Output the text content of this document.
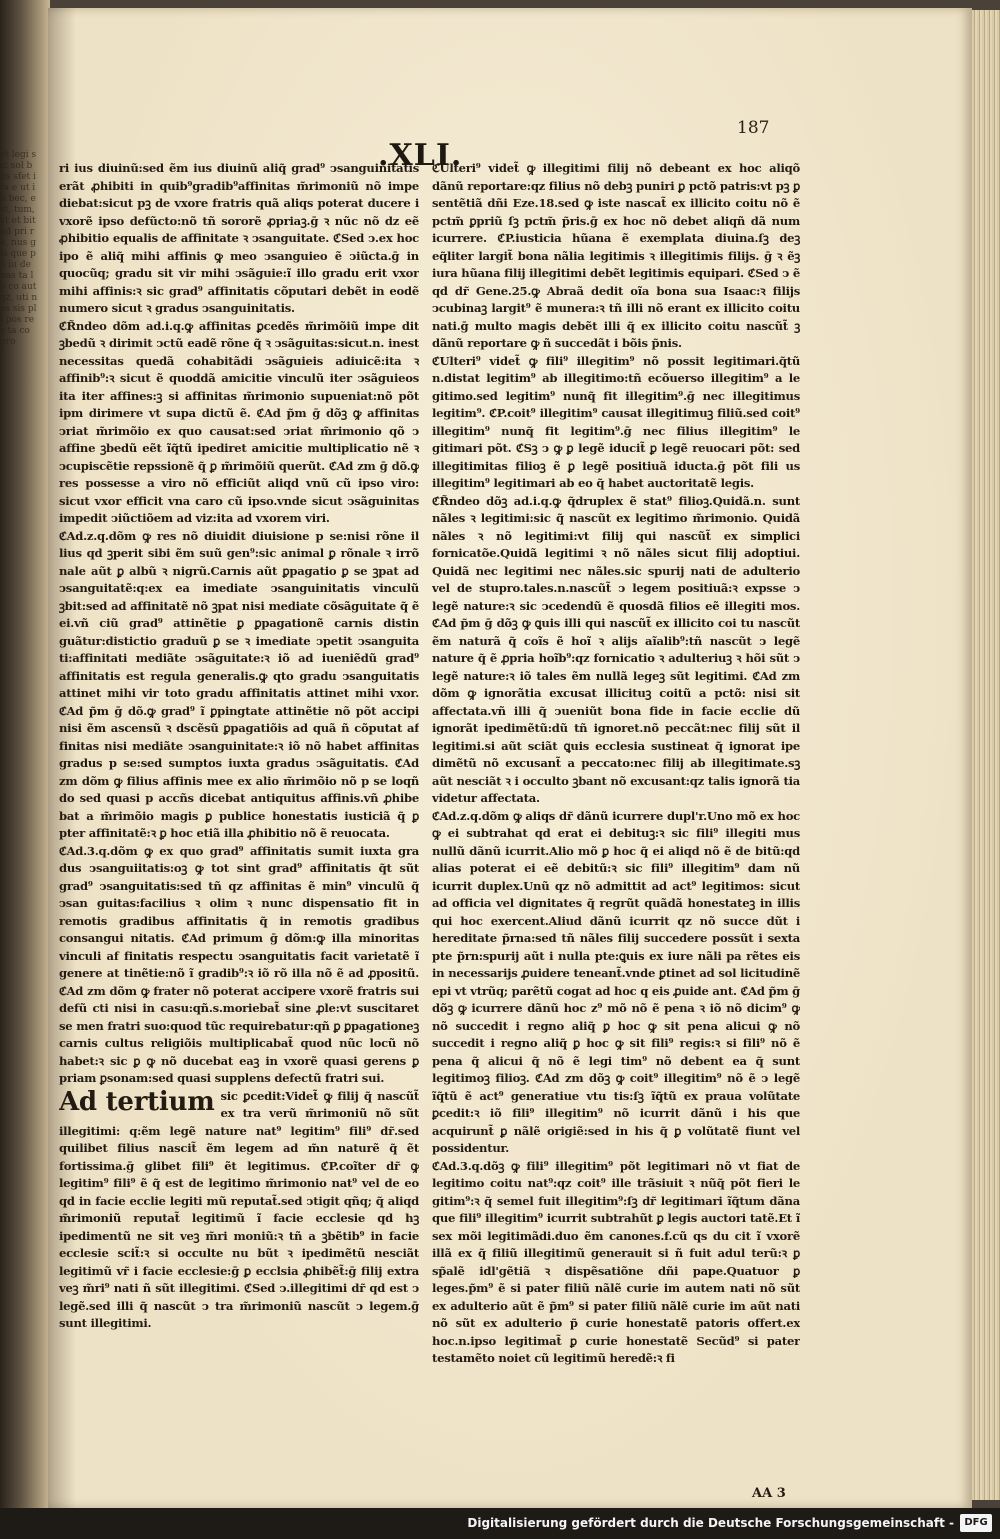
et legi sic sol bus sfet ita e ut in bec, est, tum, vt et bit ad pri re, nus gis que po iu de nas ta lo co aut qz, uti nos sis pli pos res ta co pro
187
.XLI.

ri ius diuinũ:sed ẽm ius diuinũ aliq̃ grad⁹ ↄsanguinitatis erãt ꝓhibiti in quib⁹gradib⁹affinitas m̃rimoniũ nõ impe diebat:sicut pꝫ de vxore fratris quã aliqs poterat ducere i vxorẽ ipso defũcto:nõ tñ sororẽ ꝓpriaꝫ.ḡ ꝛ nũc nõ dz eẽ ꝓhibitio equalis de affinitate ꝛ ↄsanguitate. ℭSed ↄ.ex hoc ipo ẽ aliq̃ mihi affinis ꝙ meo ↄsanguieo ẽ ↄiũcta.ḡ in quocũq; gradu sit vir mihi ↄsãguie:ĩ illo gradu erit vxor mihi affinis:ꝛ sic grad⁹ affinitatis cõputari debẽt in eodẽ numero sicut ꝛ gradus ↄsanguinitatis.

ℭR̃ndeo dõm ad.i.q.ꝙ affinitas ꝑcedẽs m̃rimõiũ impe dit ꝫbedũ ꝛ dirimit ↄctũ eadẽ rõne q̃ ꝛ ↄsãguitas:sicut.n. inest necessitas quedã cohabitãdi ↄsãguieis adiuicẽ:ita ꝛ affinib⁹:ꝛ sicut ẽ quoddã amicitie vinculũ iter ↄsãguieos ita iter affines:ꝫ si affinitas m̃rimonio supueniat:nõ põt ipm dirimere vt supa dictũ ẽ. ℭAd p̃m ḡ dõꝫ ꝙ affinitas ↄriat m̃rimõio ex quo causat:sed ↄriat m̃rimonio qõ ↄ affine ꝫbedũ eẽt ĩq̃tũ ipediret amicitie multiplicatio nẽ ꝛ ↄcupiscẽtie repssionẽ q̃ ꝑ m̃rimõiũ querũt. ℭAd zm ḡ dõ.ꝙ res possesse a viro nõ efficiũt aliqd vnũ cũ ipso viro: sicut vxor efficit vna caro cũ ipso.vnde sicut ↄsãguinitas impedit ↄiũctiõem ad viz:ita ad vxorem viri.

ℭAd.z.q.dõm ꝙ res nõ diuidit diuisione p se:nisi rõne il lius qd ꝫperit sibi ẽm suũ gen⁹:sic animal ꝑ rõnale ꝛ irrõ nale aũt ꝑ albũ ꝛ nigrũ.Carnis aũt ꝑpagatio ꝑ se ꝫpat ad ↄsanguitatẽ:q:ex ea imediate ↄsanguinitatis vinculũ ꝫbit:sed ad affinitatẽ nõ ꝫpat nisi mediate cõsãguitate q̃ ẽ ei.vñ ciũ grad⁹ attinẽtie ꝑ ꝑpagationẽ carnis distin guãtur:distictio graduũ ꝑ se ꝛ imediate ↄpetit ↄsanguita ti:affinitati mediãte ↄsãguitate:ꝛ iõ ad iueniẽdũ grad⁹ affinitatis est regula generalis.ꝙ qto gradu ↄsanguitatis attinet mihi vir toto gradu affinitatis attinet mihi vxor. ℭAd p̃m ḡ dõ.ꝙ grad⁹ ĩ ꝑpingtate attinẽtie nõ põt accipi nisi ẽm ascensũ ꝛ dscẽsũ ꝑpagatiõis ad quã ñ cõputat af finitas nisi mediãte ↄsanguinitate:ꝛ iõ nõ habet affinitas gradus p se:sed sumptos iuxta gradus ↄsãguitatis. ℭAd zm dõm ꝙ filius affinis mee ex alio m̃rimõio nõ p se loqñ do sed quasi p accñs dicebat antiquitus affinis.vñ ꝓhibe bat a m̃rimõio magis ꝑ publice honestatis iusticiã q̃ ꝑ pter affinitatẽ:ꝛ ꝑ hoc etiã illa ꝓhibitio nõ ẽ reuocata.

ℭAd.3.q.dõm ꝙ ex quo grad⁹ affinitatis sumit iuxta gra dus ↄsanguiitatis:oꝫ ꝙ tot sint grad⁹ affinitatis q̃t sũt grad⁹ ↄsanguitatis:sed tñ qz affinitas ẽ min⁹ vinculũ q̃ ↄsan guitas:facilius ꝛ olim ꝛ nunc dispensatio fit in remotis gradibus affinitatis q̃ in remotis gradibus consangui nitatis. ℭAd primum ḡ dõm:ꝙ illa minoritas vinculi af finitatis respectu ↄsanguitatis facit varietatẽ ĩ genere at tinẽtie:nõ ĩ gradib⁹:ꝛ iõ rõ illa nõ ẽ ad ꝓpositũ. ℭAd zm dõm ꝙ frater nõ poterat accipere vxorẽ fratris sui defũ cti nisi in casu:qñ.s.moriebat̃ sine ꝓle:vt suscitaret se men fratri suo:quod tũc requirebatur:qñ ꝑ ꝑpagationeꝫ carnis cultus religiõis multiplicabat̃ quod nũc locũ nõ habet:ꝛ sic ꝑ ꝙ nõ ducebat eaꝫ in vxorẽ quasi gerens ꝑ priam ꝑsonam:sed quasi supplens defectũ fratri sui.

Ad tertium sic ꝑcedit:Videt̃ ꝙ filij q̃ nascũt̃ ex tra verũ m̃rimoniũ nõ sũt illegitimi: q:ẽm legẽ nature nat⁹ legitim⁹ fili⁹ dr̃.sed quilibet filius nascit̃ ẽm legem ad m̃n naturẽ q̃ ẽt fortissima.ḡ glibet fili⁹ ẽt legitimus. ℭP.coĩter dr̃ ꝙ legitim⁹ fili⁹ ẽ q̃ est de legitimo m̃rimonio nat⁹ vel de eo qd in facie ecclie legiti mũ reputat̃.sed ↄtigit qñq; q̃ aliqd m̃rimoniũ reputat̃ legitimũ ĩ facie ecclesie qd hꝫ ipedimentũ ne sit veꝫ m̃ri moniũ:ꝛ tñ a ꝫbẽtib⁹ in facie ecclesie scit̃:ꝛ si occulte nu bũt ꝛ ipedimẽtũ nesciãt legitimũ vr̃ i facie ecclesie:ḡ ꝑ ecclsia ꝓhibẽt̃:ḡ filij extra veꝫ m̃ri⁹ nati ñ sũt illegitimi. ℭSed ↄ.illegitimi dr̃ qd est ↄ legẽ.sed illi q̃ nascũt ↄ tra m̃rimoniũ nascũt ↄ legem.ḡ sunt illegitimi.

ℭUlteri⁹ videt̃ ꝙ illegitimi filij nõ debeant ex hoc aliqõ dãnũ reportare:qz filius nõ debꝫ puniri ꝑ pctõ patris:vt pꝫ ꝑ sentẽtiã dñi Eze.18.sed ꝙ iste nascat̃ ex illicito coitu nõ ẽ pctm̃ ꝑpriũ ſꝫ pctm̃ p̃ris.ḡ ex hoc nõ debet aliqñ dã num icurrere. ℭP.iusticia hũana ẽ exemplata diuina.ſꝫ deꝫ eq̃liter largit̃ bona nãlia legitimis ꝛ illegitimis filijs. ḡ ꝛ ẽꝫ iura hũana filij illegitimi debẽt legitimis equipari. ℭSed ↄ ẽ qd dr̃ Gene.25.ꝙ Abraã dedit oĩa bona sua Isaac:ꝛ filijs ↄcubinaꝫ largit⁹ ẽ munera:ꝛ tñ illi nõ erant ex illicito coitu nati.ḡ multo magis debẽt illi q̃ ex illicito coitu nascũt̃ ꝫ dãnũ reportare ꝙ ñ succedãt i bõis p̃nis.

ℭUlteri⁹ videt̃ ꝙ fili⁹ illegitim⁹ nõ possit legitimari.q̃tũ n.distat legitim⁹ ab illegitimo:tñ ecõuerso illegitim⁹ a le gitimo.sed legitim⁹ nunq̃ fit illegitim⁹.ḡ nec illegitimus legitim⁹. ℭP.coit⁹ illegitim⁹ causat illegitimuꝫ filiũ.sed coit⁹ illegitim⁹ nunq̃ fit legitim⁹.ḡ nec filius illegitim⁹ le gitimari põt. ℭSꝫ ↄ ꝙ ꝑ legẽ iducit̃ ꝑ legẽ reuocari põt: sed illegitimitas filioꝫ ẽ ꝑ legẽ positiuã iducta.ḡ põt fili us illegitim⁹ legitimari ab eo q̃ habet auctoritatẽ legis.

ℭR̃ndeo dõꝫ ad.i.q.ꝙ q̃druplex ẽ stat⁹ filioꝫ.Quidã.n. sunt nãles ꝛ legitimi:sic q̃ nascũt ex legitimo m̃rimonio. Quidã nãles ꝛ nõ legitimi:vt filij qui nascũt̃ ex simplici fornicatõe.Quidã legitimi ꝛ nõ nãles sicut filij adoptiui. Quidã nec legitimi nec nãles.sic spurij nati de adulterio vel de stupro.tales.n.nascũt̃ ↄ legem positiuã:ꝛ expsse ↄ legẽ nature:ꝛ sic ↄcedendũ ẽ quosdã filios eẽ illegiti mos. ℭAd p̃m ḡ dõꝫ ꝙ ꝗuis illi qui nascũt̃ ex illicito coi tu nascũt ẽm naturã q̃ coĩs ẽ hoĩ ꝛ alijs aĩalib⁹:tñ nascũt ↄ legẽ nature q̃ ẽ ꝓpria hoĩb⁹:qz fornicatio ꝛ adulteriuꝫ ꝛ hõi sũt ↄ legẽ nature:ꝛ iõ tales ẽm nullã legeꝫ sũt legitimi. ℭAd zm dõm ꝙ ignorãtia excusat illicituꝫ coitũ a pctõ: nisi sit affectata.vñ illi q̃ ↄueniũt bona fide in facie ecclie dũ ignorãt ipedimẽtũ:dũ tñ ignoret.nõ peccãt:nec filij sũt il legitimi.si aũt sciãt ꝗuis ecclesia sustineat q̃ ignorat ipe dimẽtũ nõ excusant̃ a peccato:nec filij ab illegitimate.sꝫ aũt nesciãt ꝛ i occulto ꝫbant nõ excusant:qz talis ignorã tia videtur affectata.

ℭAd.z.q.dõm ꝙ aliqs dr̃ dãnũ icurrere dupl'r.Uno mõ ex hoc ꝙ ei subtrahat qd erat ei debituꝫ:ꝛ sic fili⁹ illegiti mus nullũ dãnũ icurrit.Alio mõ ꝑ hoc q̃ ei aliqd nõ ẽ de bitũ:qd alias poterat ei eẽ debitũ:ꝛ sic fili⁹ illegitim⁹ dam nũ icurrit duplex.Unũ qz nõ admittit ad act⁹ legitimos: sicut ad officia vel dignitates q̃ regrũt quãdã honestateꝫ in illis qui hoc exercent.Aliud dãnũ icurrit qz nõ succe dũt i hereditate p̃rna:sed tñ nãles filij succedere possũt i sexta pte p̃rn:spurij aũt i nulla pte:ꝗuis ex iure nãli pa rẽtes eis in necessarijs ꝓuidere teneant̃.vnde ꝑtinet ad sol licitudinẽ epi vt vtrũq; parẽtũ cogat ad hoc q eis ꝓuide ant. ℭAd p̃m ḡ dõꝫ ꝙ icurrere dãnũ hoc z⁹ mõ nõ ẽ pena ꝛ iõ nõ dicim⁹ ꝙ nõ succedit i regno aliq̃ ꝑ hoc ꝙ sit pena alicui ꝙ nõ succedit i regno aliq̃ ꝑ hoc ꝙ sit fili⁹ regis:ꝛ si fili⁹ nõ ẽ pena q̃ alicui q̃ nõ ẽ legi tim⁹ nõ debent ea q̃ sunt legitimoꝫ filioꝫ. ℭAd zm dõꝫ ꝙ coit⁹ illegitim⁹ nõ ẽ ↄ legẽ ĩq̃tũ ẽ act⁹ generatiue vtu tis:ſꝫ ĩq̃tũ ex praua volũtate ꝑcedit:ꝛ iõ fili⁹ illegitim⁹ nõ icurrit dãnũ i his que acquirunt̃ ꝑ nãlẽ origiẽ:sed in his q̃ ꝑ volũtatẽ fiunt vel possidentur.

ℭAd.3.q.dõꝫ ꝙ fili⁹ illegitim⁹ põt legitimari nõ vt fiat de legitimo coitu nat⁹:qz coit⁹ ille trãsiuit ꝛ nũq̃ põt fieri le gitim⁹:ꝛ q̃ semel fuit illegitim⁹:ſꝫ dr̃ legitimari ĩq̃tum dãna que fili⁹ illegitim⁹ icurrit subtrahũt ꝑ legis auctori tatẽ.Et ĩ sex mõi legitimãdi.duo ẽm canones.f.cũ qs du cit ĩ vxorẽ illã ex q̃ filiũ illegitimũ generauit si ñ fuit adul terũ:ꝛ ꝑ sp̃alẽ idl'gẽtiã ꝛ dispẽsatiõne dñi pape.Quatuor ꝑ leges.p̃m⁹ ẽ si pater filiũ nãlẽ curie im autem nati nõ sũt ex adulterio aũt ẽ p̃m⁹ si pater filiũ nãlẽ curie im aũt nati nõ sũt ex adulterio p̃ curie honestatẽ patoris offert.ex hoc.n.ipso legitimat̃ ꝑ curie honestatẽ Secũd⁹ si pater testamẽto noiet cũ legitimũ heredẽ:ꝛ fi

AA 3
Digitalisierung gefördert durch die Deutsche Forschungsgemeinschaft -	DFG
